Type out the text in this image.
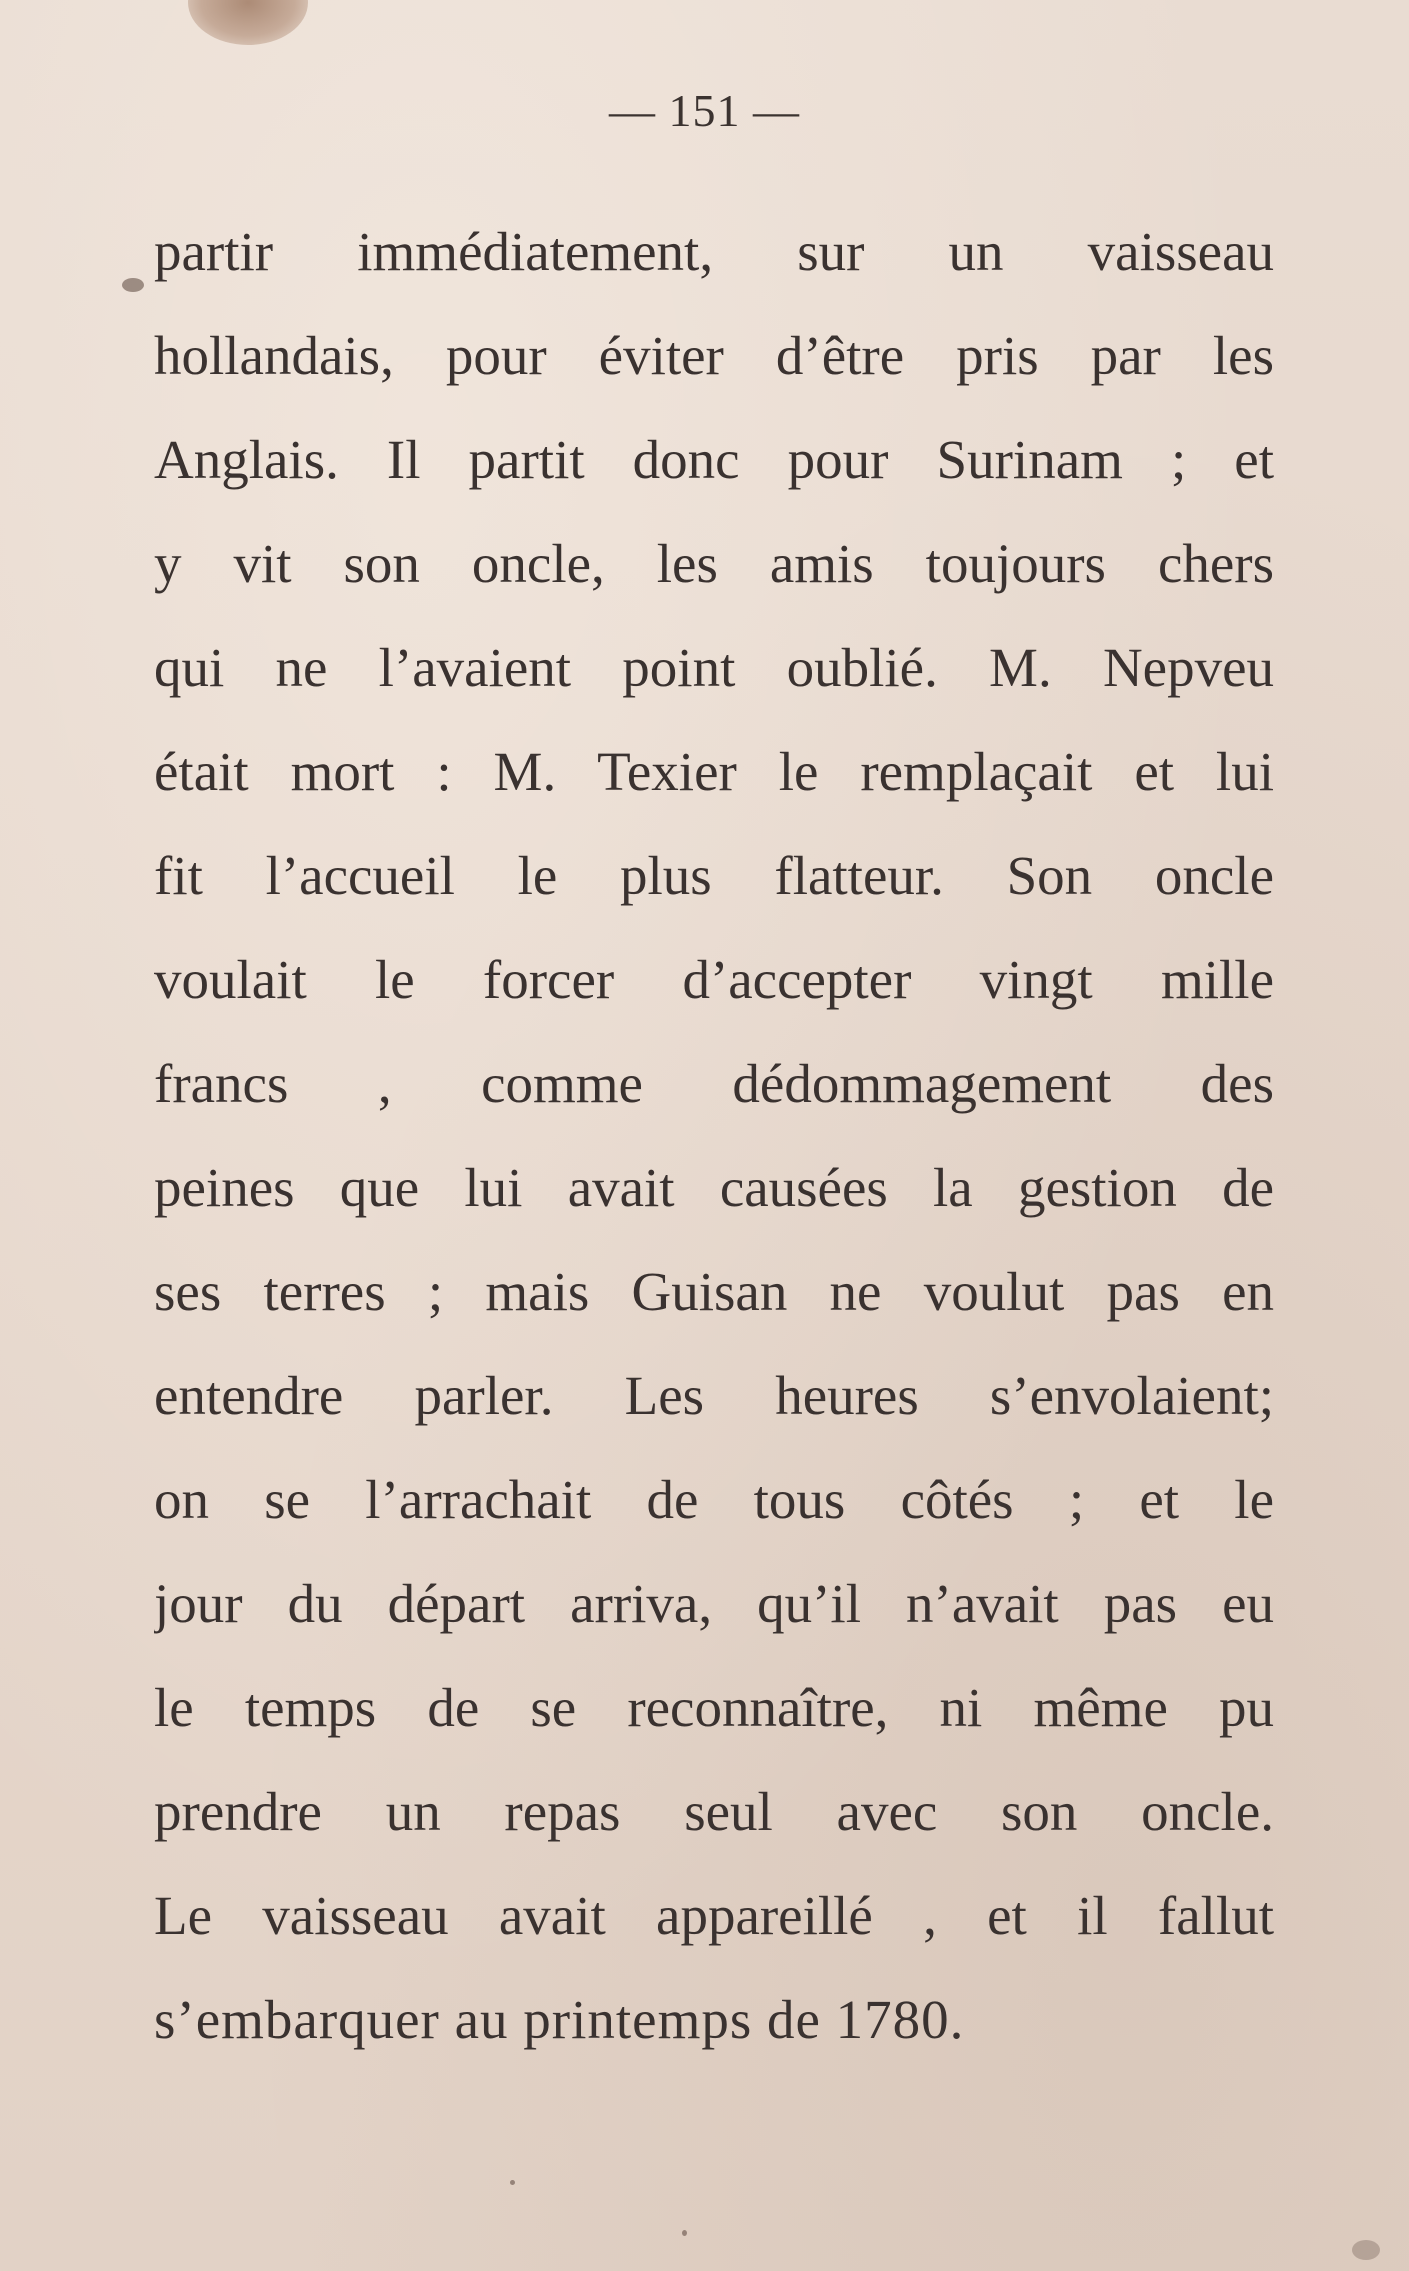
— 151 —
partir immédiatement, sur un vaisseau
hollandais, pour éviter d’être pris par les
Anglais. Il partit donc pour Surinam ; et
y vit son oncle, les amis toujours chers
qui ne l’avaient point oublié. M. Nepveu
était mort : M. Texier le remplaçait et lui
fit l’accueil le plus flatteur. Son oncle
voulait le forcer d’accepter vingt mille
francs , comme dédommagement des
peines que lui avait causées la gestion de
ses terres ; mais Guisan ne voulut pas en
entendre parler. Les heures s’envolaient;
on se l’arrachait de tous côtés ; et le
jour du départ arriva, qu’il n’avait pas eu
le temps de se reconnaître, ni même pu
prendre un repas seul avec son oncle.
Le vaisseau avait appareillé , et il fallut
s’embarquer au printemps de 1780.
